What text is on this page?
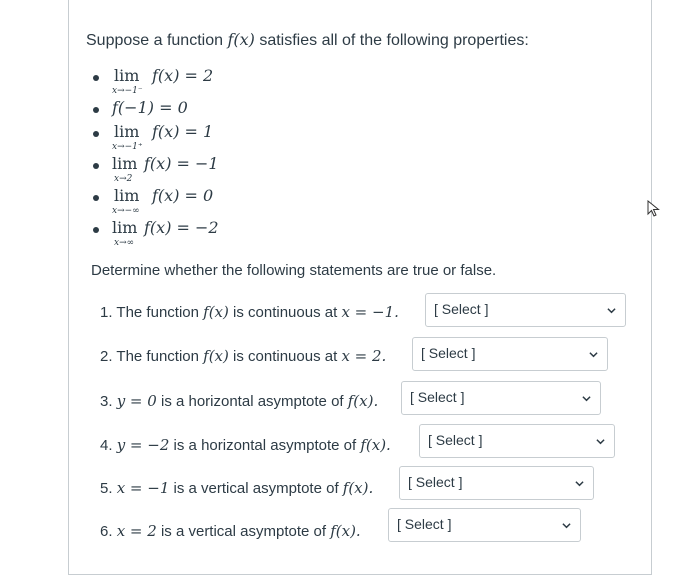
Suppose a function f(x) satisfies all of the following properties:
lim
x→−1⁻
f(x) = 2
f(−1) = 0
lim
x→−1⁺
f(x) = 1
lim
x→2
f(x) = −1
lim
x→−∞
f(x) = 0
lim
x→∞
f(x) = −2
Determine whether the following statements are true or false.
1. The function f(x) is continuous at x = −1.	[ Select ]
2. The function f(x) is continuous at x = 2. [ Select ]
3. y = 0 is a horizontal asymptote of f(x). [ Select ]
4. y = −2 is a horizontal asymptote of f(x).	[ Select ]
5. x = −1 is a vertical asymptote of f(x). [ Select ]
6. x = 2 is a vertical asymptote of f(x).	[ Select ]
